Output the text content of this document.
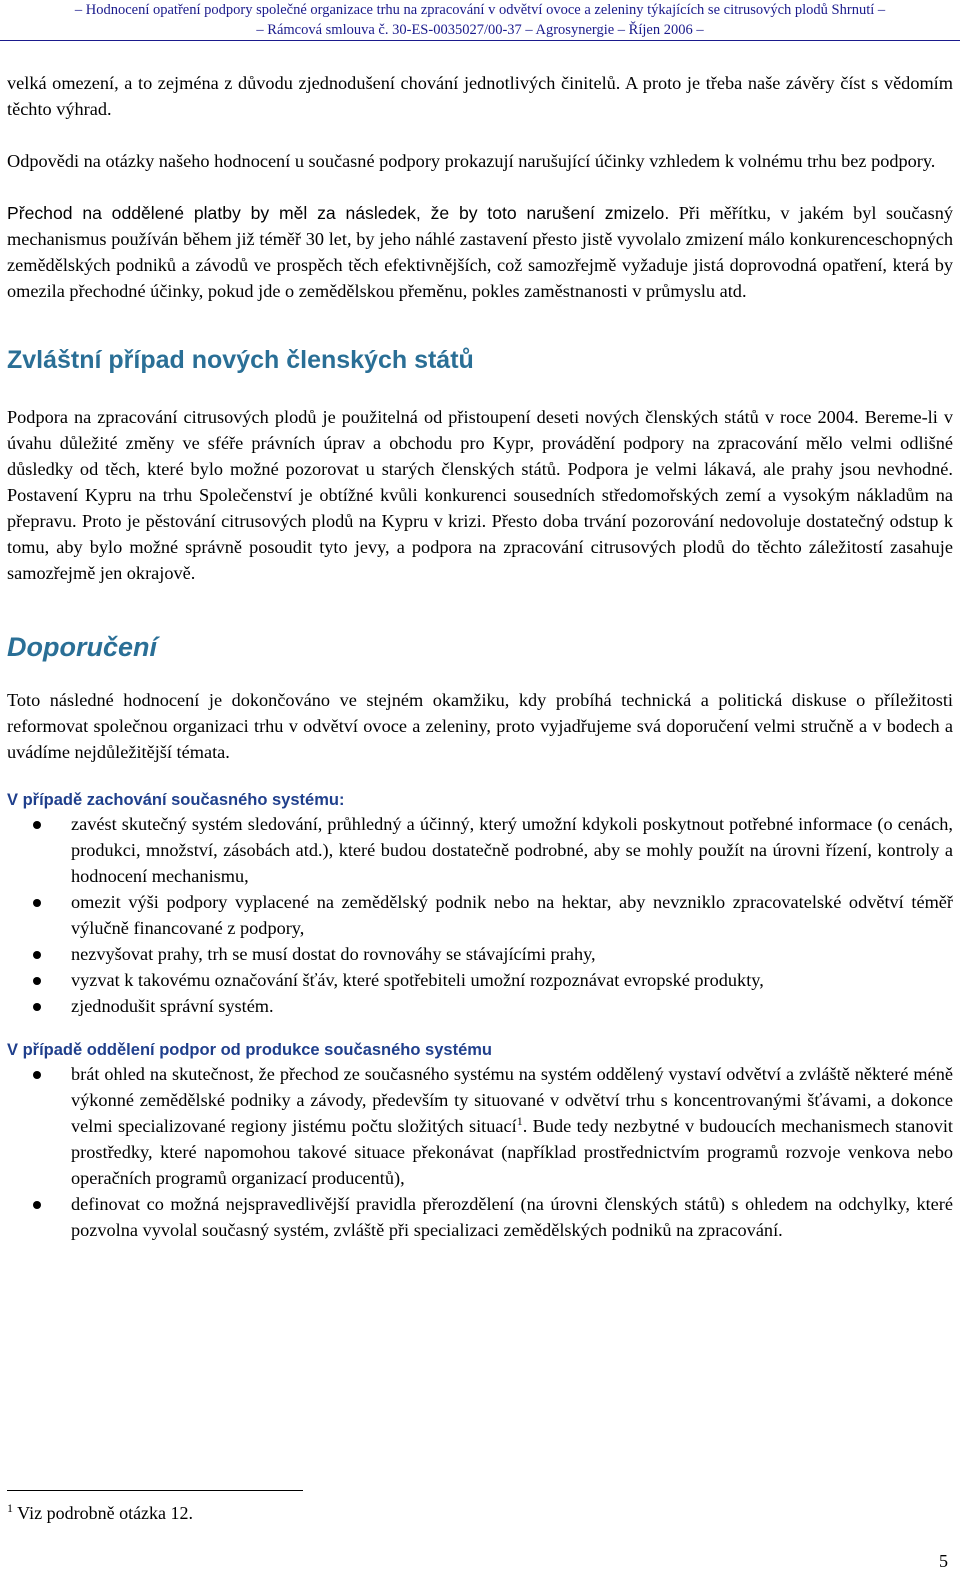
– Hodnocení opatření podpory společné organizace trhu na zpracování v odvětví ovoce a zeleniny týkajících se citrusových plodů Shrnutí –
– Rámcová smlouva č. 30-ES-0035027/00-37 – Agrosynergie – Říjen 2006 –

velká omezení, a to zejména z důvodu zjednodušení chování jednotlivých činitelů. A proto je třeba naše závěry číst s vědomím těchto výhrad.

Odpovědi na otázky našeho hodnocení u současné podpory prokazují narušující účinky vzhledem k volnému trhu bez podpory.

Přechod na oddělené platby by měl za následek, že by toto narušení zmizelo. Při měřítku, v jakém byl současný mechanismus používán během již téměř 30 let, by jeho náhlé zastavení přesto jistě vyvolalo zmizení málo konkurenceschopných zemědělských podniků a závodů ve prospěch těch efektivnějších, což samozřejmě vyžaduje jistá doprovodná opatření, která by omezila přechodné účinky, pokud jde o zemědělskou přeměnu, pokles zaměstnanosti v průmyslu atd.

Zvláštní případ nových členských států

Podpora na zpracování citrusových plodů je použitelná od přistoupení deseti nových členských států v roce 2004. Bereme-li v úvahu důležité změny ve sféře právních úprav a obchodu pro Kypr, provádění podpory na zpracování mělo velmi odlišné důsledky od těch, které bylo možné pozorovat u starých členských států. Podpora je velmi lákavá, ale prahy jsou nevhodné. Postavení Kypru na trhu Společenství je obtížné kvůli konkurenci sousedních středomořských zemí a vysokým nákladům na přepravu. Proto je pěstování citrusových plodů na Kypru v krizi. Přesto doba trvání pozorování nedovoluje dostatečný odstup k tomu, aby bylo možné správně posoudit tyto jevy, a podpora na zpracování citrusových plodů do těchto záležitostí zasahuje samozřejmě jen okrajově.

Doporučení

Toto následné hodnocení je dokončováno ve stejném okamžiku, kdy probíhá technická a politická diskuse o příležitosti reformovat společnou organizaci trhu v odvětví ovoce a zeleniny, proto vyjadřujeme svá doporučení velmi stručně a v bodech a uvádíme nejdůležitější témata.

V případě zachování současného systému:
zavést skutečný systém sledování, průhledný a účinný, který umožní kdykoli poskytnout potřebné informace (o cenách, produkci, množství, zásobách atd.), které budou dostatečně podrobné, aby se mohly použít na úrovni řízení, kontroly a hodnocení mechanismu,
omezit výši podpory vyplacené na zemědělský podnik nebo na hektar, aby nevzniklo zpracovatelské odvětví téměř výlučně financované z podpory,
nezvyšovat prahy, trh se musí dostat do rovnováhy se stávajícími prahy,
vyzvat k takovému označování šťáv, které spotřebiteli umožní rozpoznávat evropské produkty,
zjednodušit správní systém.
V případě oddělení podpor od produkce současného systému
brát ohled na skutečnost, že přechod ze současného systému na systém oddělený vystaví odvětví a zvláště některé méně výkonné zemědělské podniky a závody, především ty situované v odvětví trhu s koncentrovanými šťávami, a dokonce velmi specializované regiony jistému počtu složitých situací$^1$. Bude tedy nezbytné v budoucích mechanismech stanovit prostředky, které napomohou takové situace překonávat (například prostřednictvím programů rozvoje venkova nebo operačních programů organizací producentů),
definovat co možná nejspravedlivější pravidla přerozdělení (na úrovni členských států) s ohledem na odchylky, které pozvolna vyvolal současný systém, zvláště při specializaci zemědělských podniků na zpracování.
$^1$ Viz podrobně otázka 12.
5
